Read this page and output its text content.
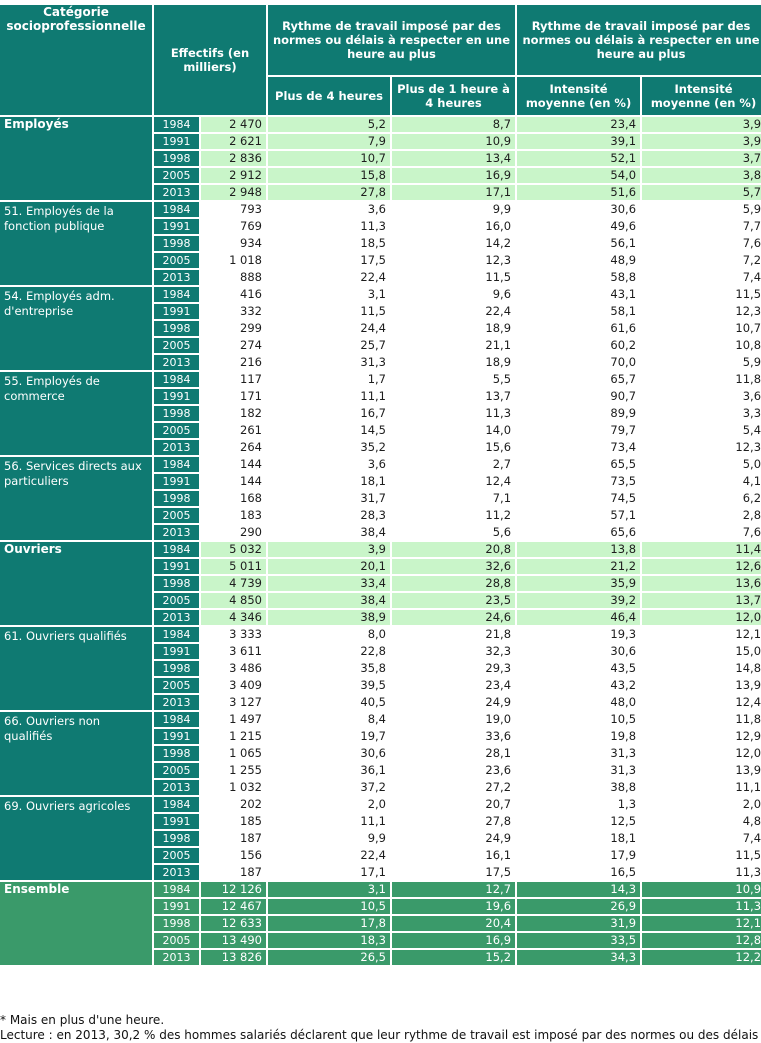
Catégorie socioprofessionnelle	Effectifs (en milliers)		Rythme de travail imposé par des normes ou délais à respecter en une heure au plus		Rythme de travail imposé par des normes ou délais à respecter en une heure au plus	
			Plus de 4 heures	Plus de 1 heure à 4 heures	Intensité moyenne (en %)	Intensité moyenne (en %)
Employés	1984	2 470	5,2	8,7	23,4	3,9
	1991	2 621	7,9	10,9	39,1	3,9
	1998	2 836	10,7	13,4	52,1	3,7
	2005	2 912	15,8	16,9	54,0	3,8
	2013	2 948	27,8	17,1	51,6	5,7
51. Employés de la fonction publique	1984	793	3,6	9,9	30,6	5,9
	1991	769	11,3	16,0	49,6	7,7
	1998	934	18,5	14,2	56,1	7,6
	2005	1 018	17,5	12,3	48,9	7,2
	2013	888	22,4	11,5	58,8	7,4
54. Employés adm. d'entreprise	1984	416	3,1	9,6	43,1	11,5
	1991	332	11,5	22,4	58,1	12,3
	1998	299	24,4	18,9	61,6	10,7
	2005	274	25,7	21,1	60,2	10,8
	2013	216	31,3	18,9	70,0	5,9
55. Employés de commerce	1984	117	1,7	5,5	65,7	11,8
	1991	171	11,1	13,7	90,7	3,6
	1998	182	16,7	11,3	89,9	3,3
	2005	261	14,5	14,0	79,7	5,4
	2013	264	35,2	15,6	73,4	12,3
56. Services directs aux particuliers	1984	144	3,6	2,7	65,5	5,0
	1991	144	18,1	12,4	73,5	4,1
	1998	168	31,7	7,1	74,5	6,2
	2005	183	28,3	11,2	57,1	2,8
	2013	290	38,4	5,6	65,6	7,6
Ouvriers	1984	5 032	3,9	20,8	13,8	11,4
	1991	5 011	20,1	32,6	21,2	12,6
	1998	4 739	33,4	28,8	35,9	13,6
	2005	4 850	38,4	23,5	39,2	13,7
	2013	4 346	38,9	24,6	46,4	12,0
61. Ouvriers qualifiés	1984	3 333	8,0	21,8	19,3	12,1
	1991	3 611	22,8	32,3	30,6	15,0
	1998	3 486	35,8	29,3	43,5	14,8
	2005	3 409	39,5	23,4	43,2	13,9
	2013	3 127	40,5	24,9	48,0	12,4
66. Ouvriers non qualifiés	1984	1 497	8,4	19,0	10,5	11,8
	1991	1 215	19,7	33,6	19,8	12,9
	1998	1 065	30,6	28,1	31,3	12,0
	2005	1 255	36,1	23,6	31,3	13,9
	2013	1 032	37,2	27,2	38,8	11,1
69. Ouvriers agricoles	1984	202	2,0	20,7	1,3	2,0
	1991	185	11,1	27,8	12,5	4,8
	1998	187	9,9	24,9	18,1	7,4
	2005	156	22,4	16,1	17,9	11,5
	2013	187	17,1	17,5	16,5	11,3
Ensemble	1984	12 126	3,1	12,7	14,3	10,9
	1991	12 467	10,5	19,6	26,9	11,3
	1998	12 633	17,8	20,4	31,9	12,1
	2005	13 490	18,3	16,9	33,5	12,8
	2013	13 826	26,5	15,2	34,3	12,2
* Mais en plus d'une heure.
Lecture : en 2013, 30,2 % des hommes salariés déclarent que leur rythme de travail est imposé par des normes ou des délais
